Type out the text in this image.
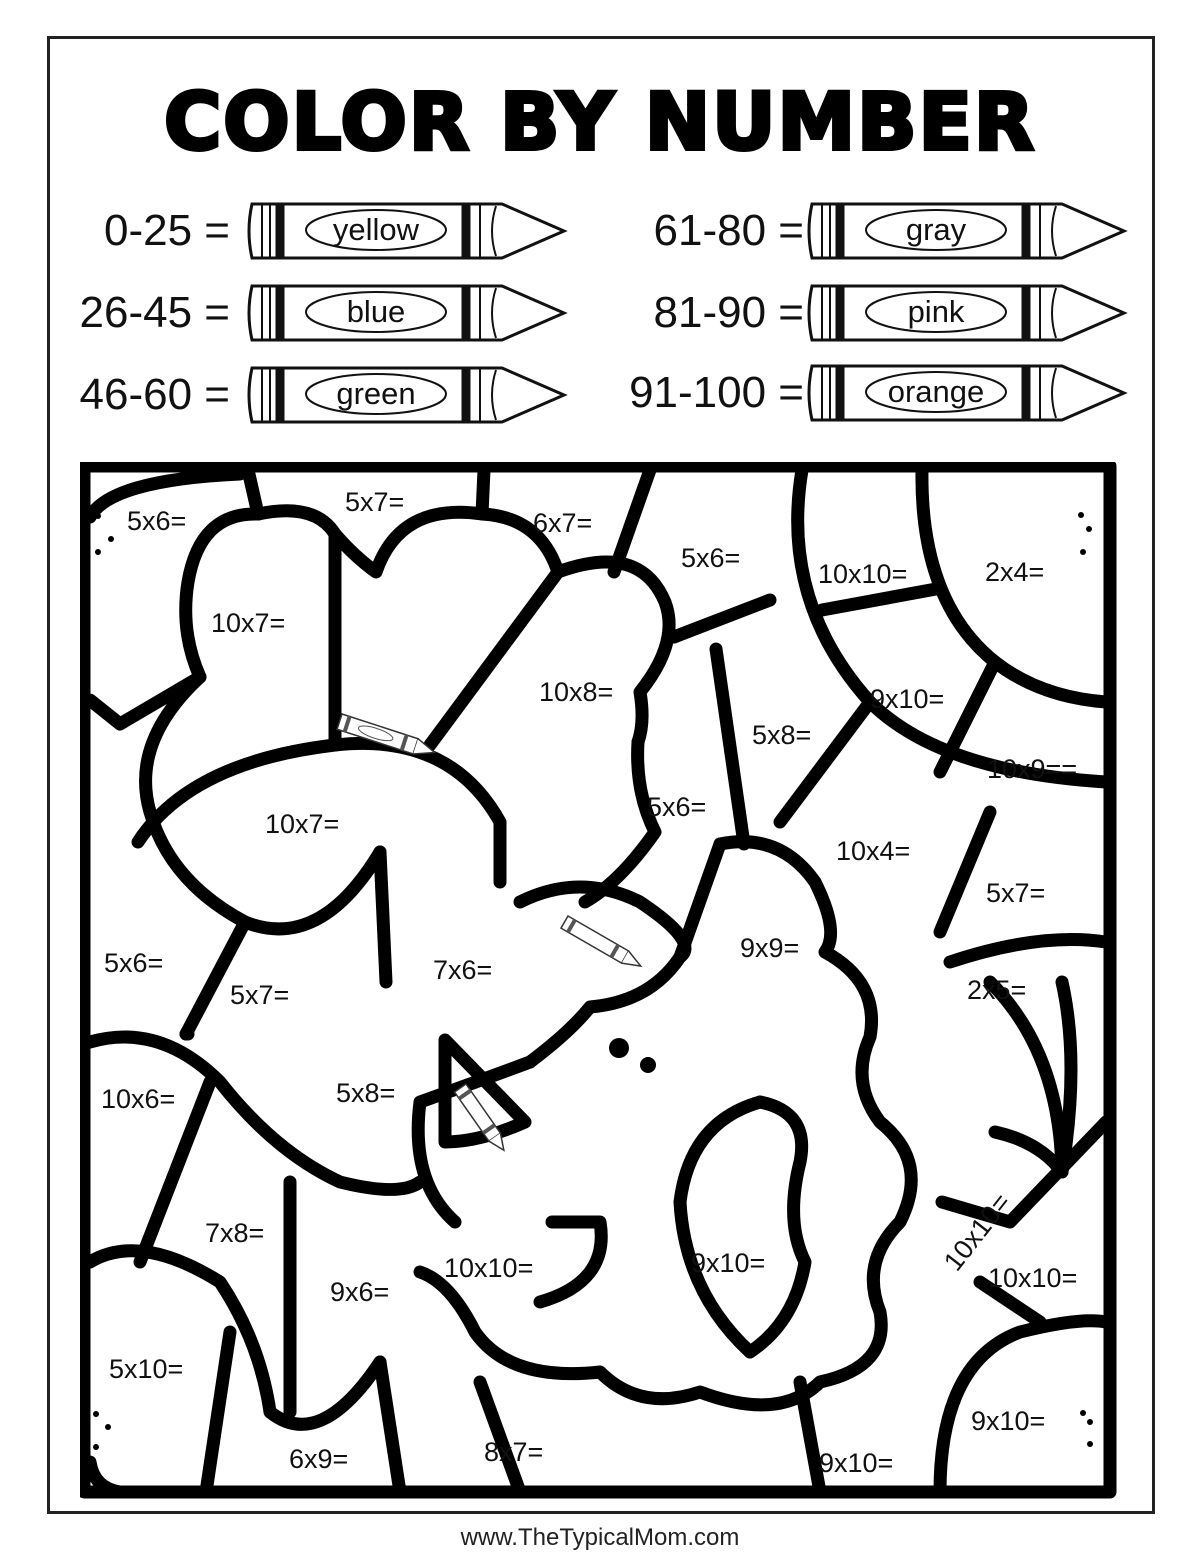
COLOR BY NUMBER
0-25 =	yellow
26-45 =	blue
46-60 =	green
61-80 =	gray
81-90 =	pink
91-100 =	orange
5x6=
5x7=
6x7=
5x6=
10x10=	2x4=
10x7=
10x8=	9x10=
5x8=
10x9==
10x7=
5x6=
10x4=
5x7=
9x9=
5x6=	7x6=
5x7=	2x5=
5x8=
10x6=
7x8=
9x10=
10x10=	10x10=
9x6=
5x10=
9x10=
8x7=
6x9=	9x10=
10x10=
www.TheTypicalMom.com
